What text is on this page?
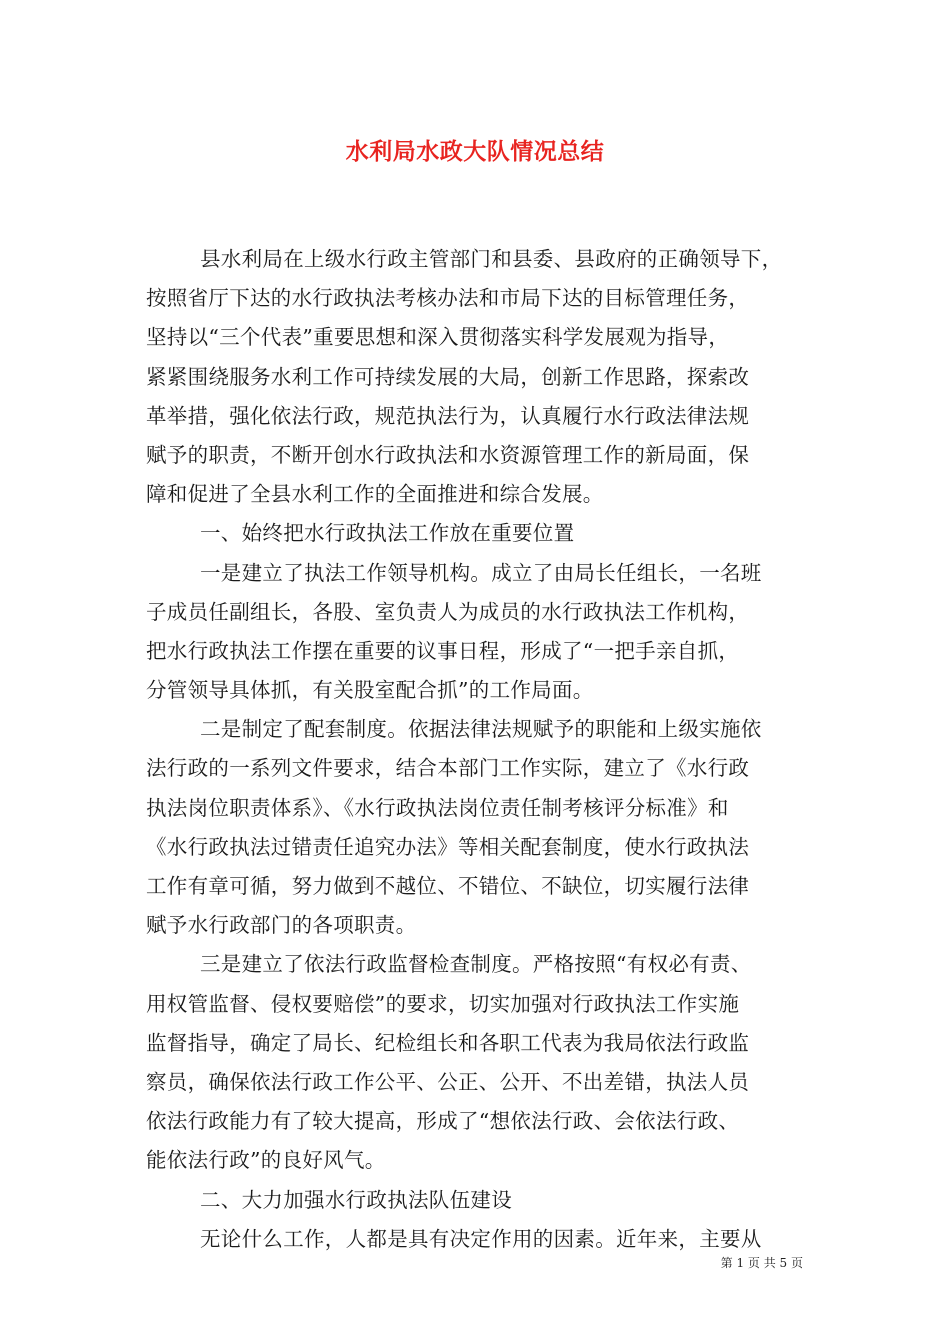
水利局水政大队情况总结
县水利局在上级水行政主管部门和县委、县政府的正确领导下，
按照省厅下达的水行政执法考核办法和市局下达的目标管理任务，
坚持以“三个代表”重要思想和深入贯彻落实科学发展观为指导，
紧紧围绕服务水利工作可持续发展的大局，创新工作思路，探索改
革举措，强化依法行政，规范执法行为，认真履行水行政法律法规
赋予的职责，不断开创水行政执法和水资源管理工作的新局面，保
障和促进了全县水利工作的全面推进和综合发展。
一、始终把水行政执法工作放在重要位置
一是建立了执法工作领导机构。成立了由局长任组长，一名班
子成员任副组长，各股、室负责人为成员的水行政执法工作机构，
把水行政执法工作摆在重要的议事日程，形成了“一把手亲自抓，
分管领导具体抓，有关股室配合抓”的工作局面。
二是制定了配套制度。依据法律法规赋予的职能和上级实施依
法行政的一系列文件要求，结合本部门工作实际，建立了《水行政
执法岗位职责体系》、《水行政执法岗位责任制考核评分标准》和
《水行政执法过错责任追究办法》等相关配套制度，使水行政执法
工作有章可循，努力做到不越位、不错位、不缺位，切实履行法律
赋予水行政部门的各项职责。
三是建立了依法行政监督检查制度。严格按照“有权必有责、
用权管监督、侵权要赔偿”的要求，切实加强对行政执法工作实施
监督指导，确定了局长、纪检组长和各职工代表为我局依法行政监
察员，确保依法行政工作公平、公正、公开、不出差错，执法人员
依法行政能力有了较大提高，形成了“想依法行政、会依法行政、
能依法行政”的良好风气。
二、大力加强水行政执法队伍建设
无论什么工作，人都是具有决定作用的因素。近年来，主要从
第 1 页 共 5 页
